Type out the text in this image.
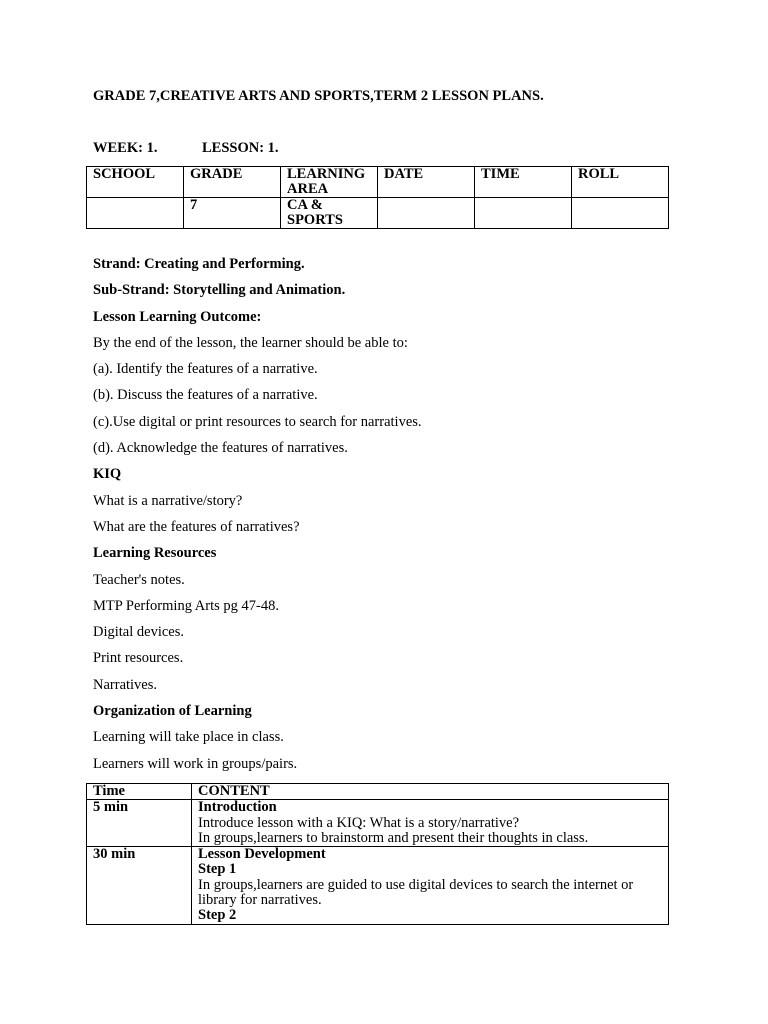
GRADE 7,CREATIVE ARTS AND SPORTS,TERM 2 LESSON PLANS.
WEEK: 1.	LESSON: 1.
SCHOOL	GRADE	LEARNING AREA	DATE	TIME	ROLL
	7	CA & SPORTS			

Strand: Creating and Performing.

Sub-Strand: Storytelling and Animation.

Lesson Learning Outcome:

By the end of the lesson, the learner should be able to:

(a). Identify the features of a narrative.

(b). Discuss the features of a narrative.

(c).Use digital or print resources to search for narratives.

(d). Acknowledge the features of narratives.

KIQ

What is a narrative/story?

What are the features of narratives?

Learning Resources

Teacher's notes.

MTP Performing Arts pg 47-48.

Digital devices.

Print resources.

Narratives.

Organization of Learning

Learning will take place in class.

Learners will work in groups/pairs.

Time	CONTENT
5 min	Introduction
Introduce lesson with a KIQ: What is a story/narrative?
In groups,learners to brainstorm and present their thoughts in class.

30 min	Lesson Development
Step 1
In groups,learners are guided to use digital devices to search the internet or library for narratives.
Step 2
